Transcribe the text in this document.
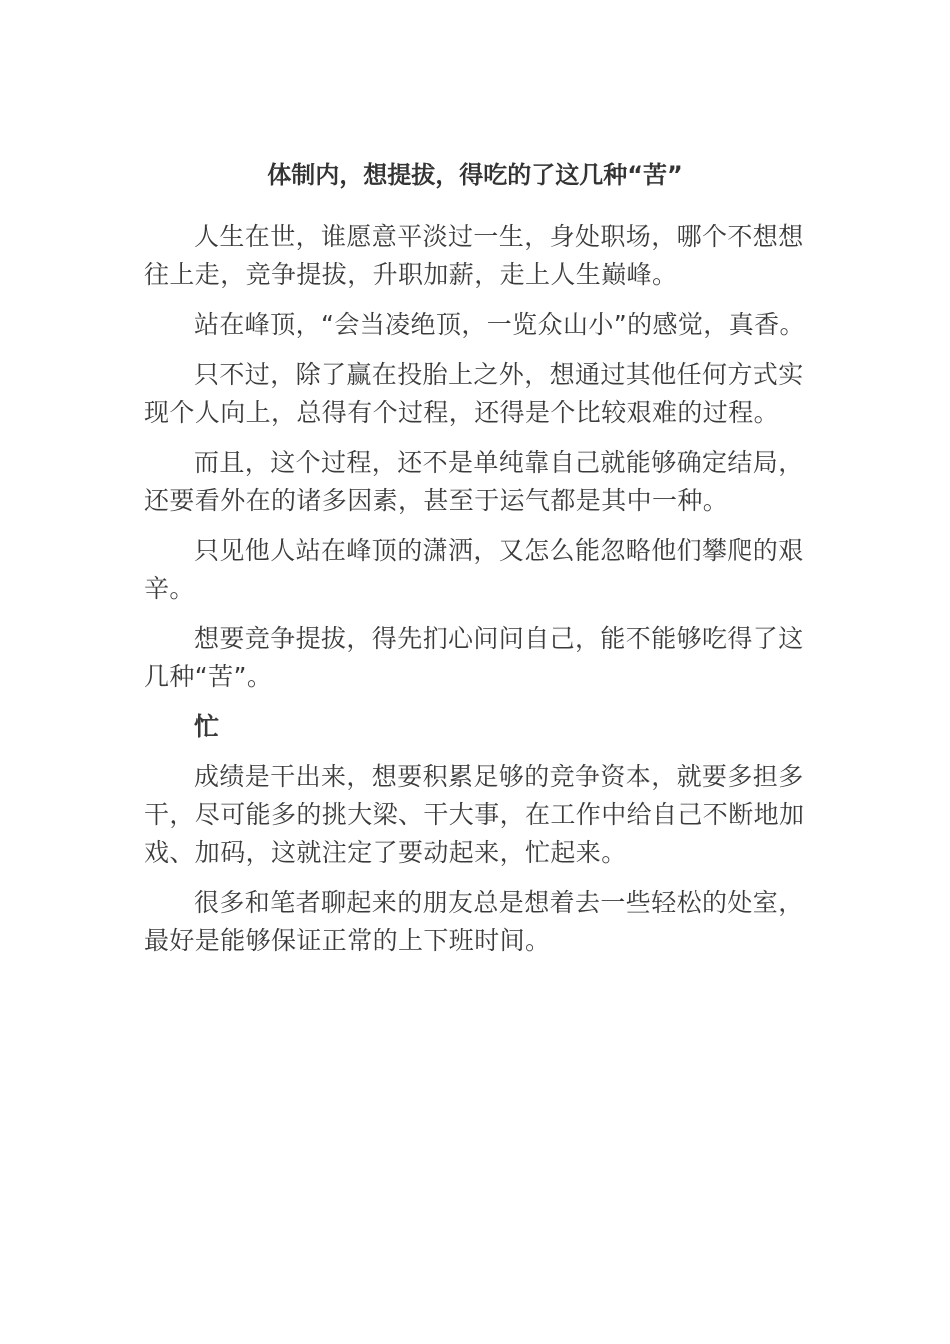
体制内，想提拔，得吃的了这几种“苦”

人生在世，谁愿意平淡过一生，身处职场，哪个不想想往上走，竞争提拔，升职加薪，走上人生巅峰。

站在峰顶，“会当凌绝顶，一览众山小”的感觉，真香。

只不过，除了赢在投胎上之外，想通过其他任何方式实现个人向上，总得有个过程，还得是个比较艰难的过程。

而且，这个过程，还不是单纯靠自己就能够确定结局，还要看外在的诸多因素，甚至于运气都是其中一种。

只见他人站在峰顶的潇洒，又怎么能忽略他们攀爬的艰辛。

想要竞争提拔，得先扪心问问自己，能不能够吃得了这几种“苦”。

忙

成绩是干出来，想要积累足够的竞争资本，就要多担多干，尽可能多的挑大梁、干大事，在工作中给自己不断地加戏、加码，这就注定了要动起来，忙起来。

很多和笔者聊起来的朋友总是想着去一些轻松的处室，最好是能够保证正常的上下班时间。
